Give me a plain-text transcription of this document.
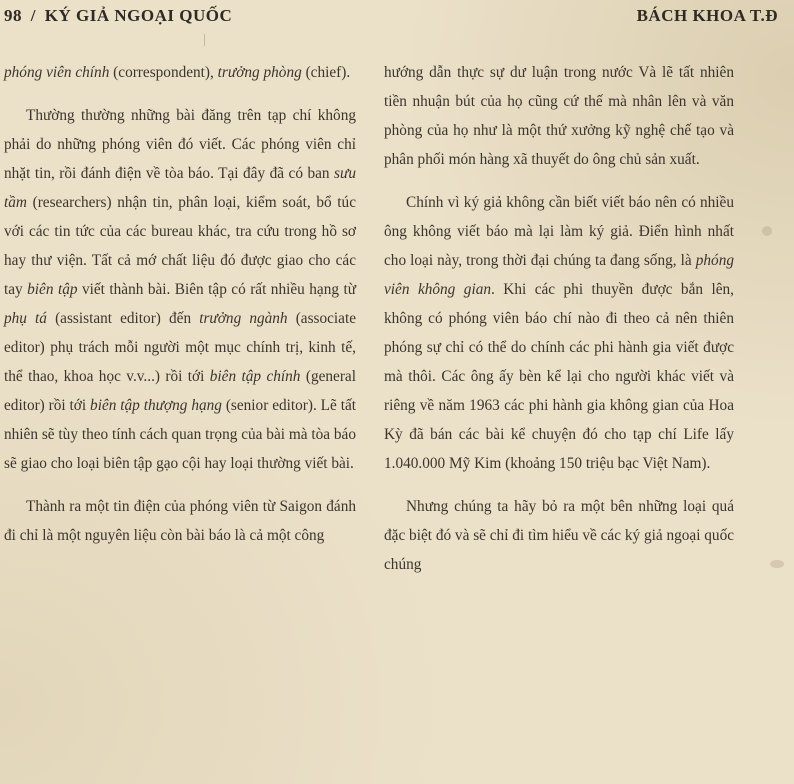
98 / KÝ GIẢ NGOẠI QUỐC	BÁCH KHOA T.Đ

phóng viên chính (correspondent), trưởng phòng (chief).

Thường thường những bài đăng trên tạp chí không phải do những phóng viên đó viết. Các phóng viên chỉ nhặt tin, rồi đánh điện về tòa báo. Tại đây đã có ban sưu tầm (researchers) nhận tin, phân loại, kiểm soát, bổ túc với các tin tức của các bureau khác, tra cứu trong hồ sơ hay thư viện. Tất cả mớ chất liệu đó được giao cho các tay biên tập viết thành bài. Biên tập có rất nhiều hạng từ phụ tá (assistant editor) đến trưởng ngành (associate editor) phụ trách mỗi người một mục chính trị, kinh tế, thể thao, khoa học v.v...) rồi tới biên tập chính (general editor) rồi tới biên tập thượng hạng (senior editor). Lẽ tất nhiên sẽ tùy theo tính cách quan trọng của bài mà tòa báo sẽ giao cho loại biên tập gạo cội hay loại thường viết bài.

Thành ra một tin điện của phóng viên từ Saigon đánh đi chỉ là một nguyên liệu còn bài báo là cả một công

hướng dẫn thực sự dư luận trong nước Và lẽ tất nhiên tiền nhuận bút của họ cũng cứ thế mà nhân lên và văn phòng của họ như là một thứ xưởng kỹ nghệ chế tạo và phân phối món hàng xã thuyết do ông chủ sản xuất.

Chính vì ký giả không cần biết viết báo nên có nhiều ông không viết báo mà lại làm ký giả. Điển hình nhất cho loại này, trong thời đại chúng ta đang sống, là phóng viên không gian. Khi các phi thuyền được bắn lên, không có phóng viên báo chí nào đi theo cả nên thiên phóng sự chỉ có thể do chính các phi hành gia viết được mà thôi. Các ông ấy bèn kể lại cho người khác viết và riêng về năm 1963 các phi hành gia không gian của Hoa Kỳ đã bán các bài kể chuyện đó cho tạp chí Life lấy 1.040.000 Mỹ Kim (khoảng 150 triệu bạc Việt Nam).

Nhưng chúng ta hãy bỏ ra một bên những loại quá đặc biệt đó và sẽ chỉ đi tìm hiểu về các ký giả ngoại quốc chúng
